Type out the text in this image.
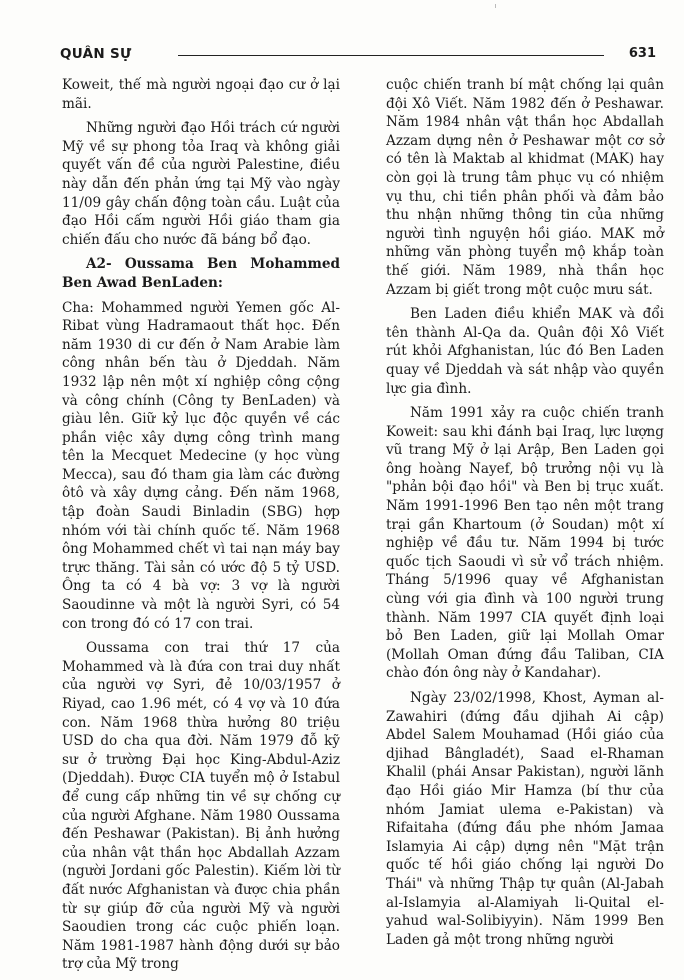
QUÂN SỰ	631

Koweit, thế mà người ngoại đạo cư ở lại mãi.

Những người đạo Hồi trách cứ người Mỹ về sự phong tỏa Iraq và không giải quyết vấn đề của người Palestine, điều này dẫn đến phản ứng tại Mỹ vào ngày 11/09 gây chấn động toàn cầu. Luật của đạo Hồi cấm người Hồi giáo tham gia chiến đấu cho nước đã báng bổ đạo.

A2- Oussama Ben Mohammed Ben Awad BenLaden:

Cha: Mohammed người Yemen gốc Al-Ribat vùng Hadramaout thất học. Đến năm 1930 di cư đến ở Nam Arabie làm công nhân bến tàu ở Djeddah. Năm 1932 lập nên một xí nghiệp công cộng và công chính (Công ty BenLaden) và giàu lên. Giữ kỷ lục độc quyền về các phần việc xây dựng công trình mang tên la Mecquet Medecine (y học vùng Mecca), sau đó tham gia làm các đường ôtô và xây dựng cảng. Đến năm 1968, tập đoàn Saudi Binladin (SBG) hợp nhóm với tài chính quốc tế. Năm 1968 ông Mohammed chết vì tai nạn máy bay trực thăng. Tài sản có ước độ 5 tỷ USD. Ông ta có 4 bà vợ: 3 vợ là người Saoudinne và một là người Syri, có 54 con trong đó có 17 con trai.

Oussama con trai thứ 17 của Mohammed và là đứa con trai duy nhất của người vợ Syri, đẻ 10/03/1957 ở Riyad, cao 1.96 mét, có 4 vợ và 10 đứa con. Năm 1968 thừa hưởng 80 triệu USD do cha qua đời. Năm 1979 đỗ kỹ sư ở trường Đại học King-Abdul-Aziz (Djeddah). Được CIA tuyển mộ ở Istabul để cung cấp những tin về sự chống cự của người Afghane. Năm 1980 Oussama đến Peshawar (Pakistan). Bị ảnh hưởng của nhân vật thần học Abdallah Azzam (người Jordani gốc Palestin). Kiếm lời từ đất nước Afghanistan và được chia phần từ sự giúp đỡ của người Mỹ và người Saoudien trong các cuộc phiến loạn. Năm 1981-1987 hành động dưới sự bảo trợ của Mỹ trong

cuộc chiến tranh bí mật chống lại quân đội Xô Viết. Năm 1982 đến ở Peshawar. Năm 1984 nhân vật thần học Abdallah Azzam dựng nên ở Peshawar một cơ sở có tên là Maktab al khidmat (MAK) hay còn gọi là trung tâm phục vụ có nhiệm vụ thu, chi tiền phân phối và đảm bảo thu nhận những thông tin của những người tình nguyện hồi giáo. MAK mở những văn phòng tuyển mộ khắp toàn thế giới. Năm 1989, nhà thần học Azzam bị giết trong một cuộc mưu sát.

Ben Laden điều khiển MAK và đổi tên thành Al-Qa da. Quân đội Xô Viết rút khỏi Afghanistan, lúc đó Ben Laden quay về Djeddah và sát nhập vào quyền lực gia đình.

Năm 1991 xảy ra cuộc chiến tranh Koweit: sau khi đánh bại Iraq, lực lượng vũ trang Mỹ ở lại Arập, Ben Laden gọi ông hoàng Nayef, bộ trưởng nội vụ là "phản bội đạo hồi" và Ben bị trục xuất. Năm 1991-1996 Ben tạo nên một trang trại gần Khartoum (ở Soudan) một xí nghiệp về đầu tư. Năm 1994 bị tước quốc tịch Saoudi vì sử vổ trách nhiệm. Tháng 5/1996 quay về Afghanistan cùng với gia đình và 100 người trung thành. Năm 1997 CIA quyết định loại bỏ Ben Laden, giữ lại Mollah Omar (Mollah Oman đứng đầu Taliban, CIA chào đón ông này ở Kandahar).

Ngày 23/02/1998, Khost, Ayman al-Zawahiri (đứng đầu djihah Ai cập) Abdel Salem Mouhamad (Hồi giáo của djihad Bângladét), Saad el-Rhaman Khalil (phái Ansar Pakistan), người lãnh đạo Hồi giáo Mir Hamza (bí thư của nhóm Jamiat ulema e-Pakistan) và Rifaitaha (đứng đầu phe nhóm Jamaa Islamyia Ai cập) dựng nên "Mặt trận quốc tế hồi giáo chống lại người Do Thái" và những Thập tự quân (Al-Jabah al-Islamyia al-Alamiyah li-Quital el-yahud wal-Solibiyyin). Năm 1999 Ben Laden gả một trong những người
